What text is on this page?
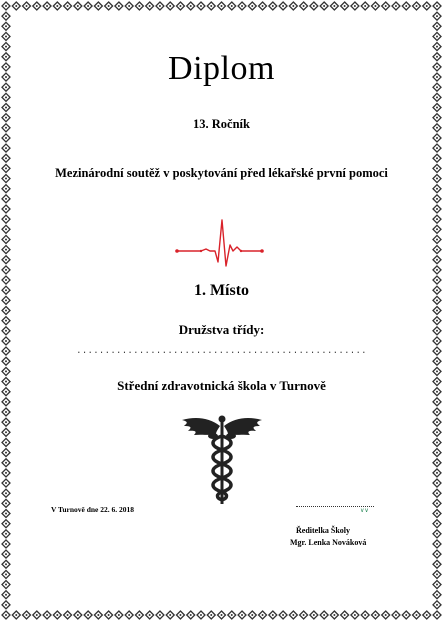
Diplom
13. Ročník
Mezinárodní soutěž v poskytování před lékařské první pomoci
1. Místo
Družstva třídy:
...................................................
Střední zdravotnická škola v Turnově
V Turnově dne 22. 6. 2018	∨∨
Ředitelka Školy
Mgr. Lenka Nováková
